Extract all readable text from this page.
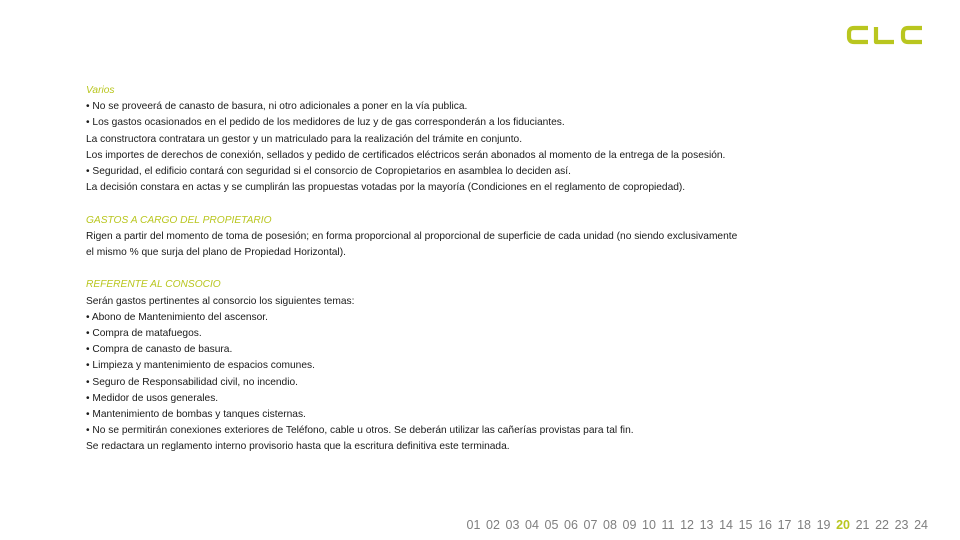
Varios

• No se proveerá de canasto de basura, ni otro adicionales a poner en la vía publica.

• Los gastos ocasionados en el pedido de los medidores de luz y de gas corresponderán a los fiduciantes.

La constructora contratara un gestor y un matriculado para la realización del trámite en conjunto.

Los importes de derechos de conexión, sellados y pedido de certificados eléctricos serán abonados al momento de la entrega de la posesión.

• Seguridad, el edificio contará con seguridad si el consorcio de Copropietarios en asamblea lo deciden así.

La decisión constara en actas y se cumplirán las propuestas votadas por la mayoría (Condiciones en el reglamento de copropiedad).

GASTOS A CARGO DEL PROPIETARIO

Rigen a partir del momento de toma de posesión; en forma proporcional al proporcional de superficie de cada unidad (no siendo exclusivamente

el mismo % que surja del plano de Propiedad Horizontal).

REFERENTE AL CONSOCIO

Serán gastos pertinentes al consorcio los siguientes temas:

• Abono de Mantenimiento del ascensor.

• Compra de matafuegos.

• Compra de canasto de basura.

• Limpieza y mantenimiento de espacios comunes.

• Seguro de Responsabilidad civil, no incendio.

• Medidor de usos generales.

• Mantenimiento de bombas y tanques cisternas.

• No se permitirán conexiones exteriores de Teléfono, cable u otros. Se deberán utilizar las cañerías provistas para tal fin.

Se redactara un reglamento interno provisorio hasta que la escritura definitiva este terminada.

01 02 03 04 05 06 07 08 09 10 11 12 13 14 15 16 17 18 19 20 21 22 23 24
